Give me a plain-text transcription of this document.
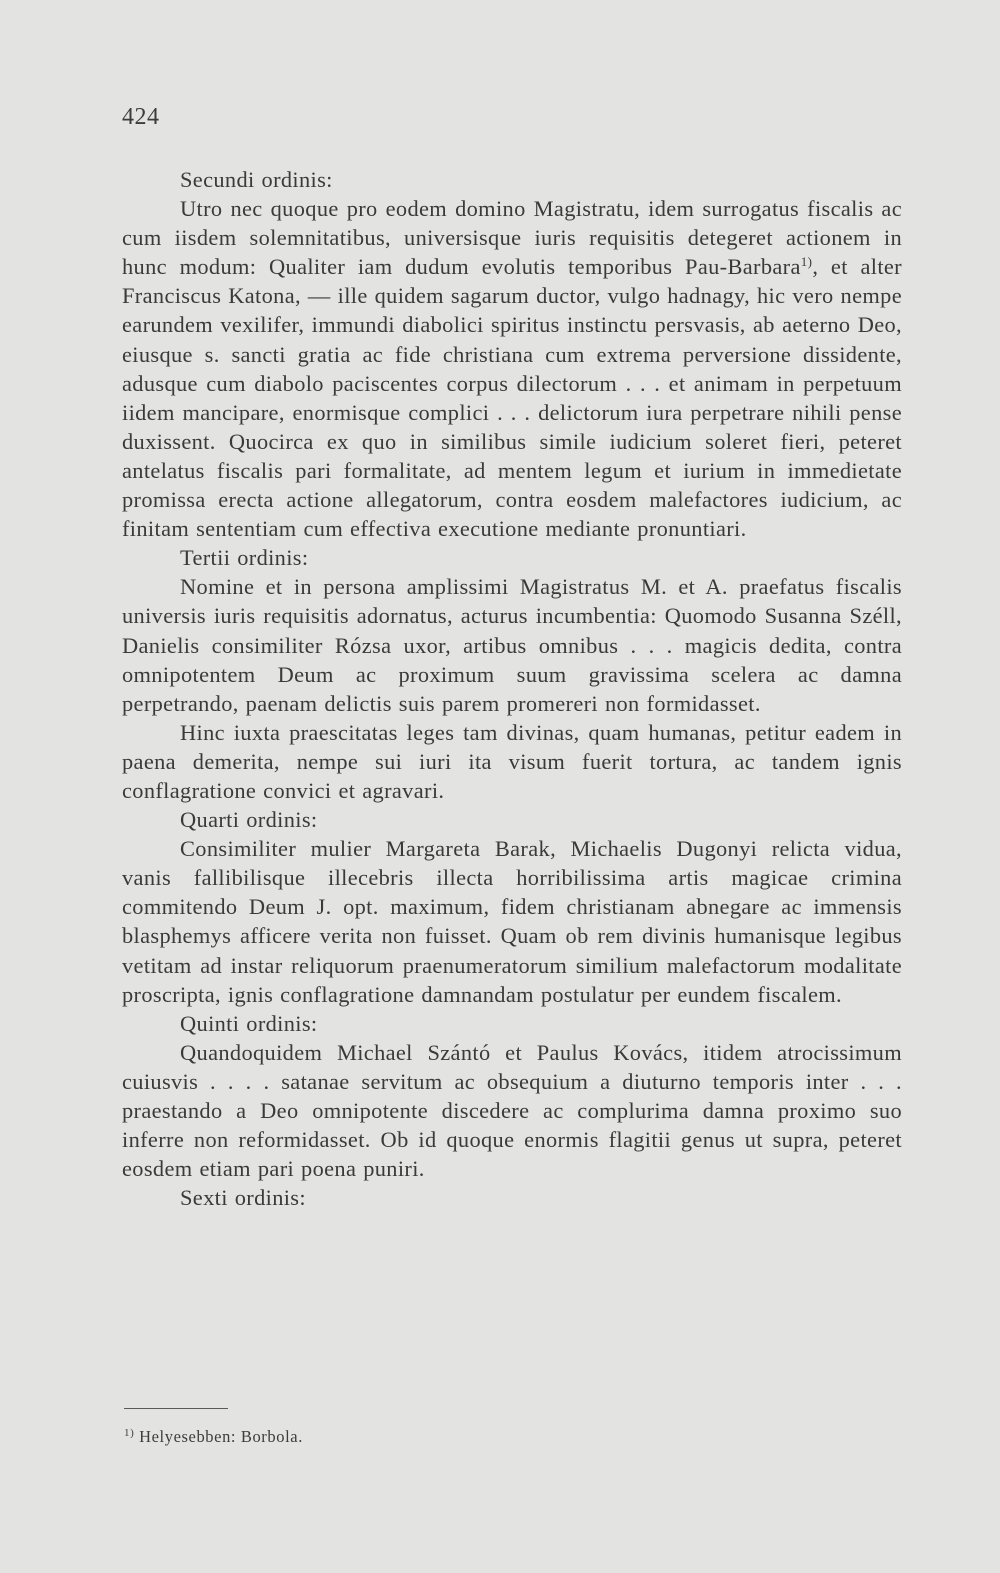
424

Secundi ordinis:

Utro nec quoque pro eodem domino Magistratu, idem surrogatus fiscalis ac cum iisdem solemnitatibus, universisque iuris requisitis detegeret actionem in hunc modum: Qualiter iam dudum evolutis temporibus Pau-Barbara$^{1)}$, et alter Franciscus Katona, — ille quidem sagarum ductor, vulgo hadnagy, hic vero nempe earundem vexilifer, immundi diabolici spiritus instinctu persvasis, ab aeterno Deo, eiusque s. sancti gratia ac fide christiana cum extrema perversione dissidente, adusque cum diabolo paciscentes corpus dilectorum . . . et animam in perpetuum iidem mancipare, enormisque complici . . . delictorum iura perpetrare nihili pense duxissent. Quocirca ex quo in similibus simile iudicium soleret fieri, peteret antelatus fiscalis pari formalitate, ad mentem legum et iurium in immedietate promissa erecta actione allegatorum, contra eosdem malefactores iudicium, ac finitam sententiam cum effectiva executione mediante pronuntiari.

Tertii ordinis:

Nomine et in persona amplissimi Magistratus M. et A. praefatus fiscalis universis iuris requisitis adornatus, acturus incumbentia: Quomodo Susanna Széll, Danielis consimiliter Rózsa uxor, artibus omnibus . . . magicis dedita, contra omnipotentem Deum ac proximum suum gravissima scelera ac damna perpetrando, paenam delictis suis parem promereri non formidasset.

Hinc iuxta praescitatas leges tam divinas, quam humanas, petitur eadem in paena demerita, nempe sui iuri ita visum fuerit tortura, ac tandem ignis conflagratione convici et agravari.

Quarti ordinis:

Consimiliter mulier Margareta Barak, Michaelis Dugonyi relicta vidua, vanis fallibilisque illecebris illecta horribilissima artis magicae crimina commitendo Deum J. opt. maximum, fidem christianam abnegare ac immensis blasphemys afficere verita non fuisset. Quam ob rem divinis humanisque legibus vetitam ad instar reliquorum praenumeratorum similium malefactorum modalitate proscripta, ignis conflagratione damnandam postulatur per eundem fiscalem.

Quinti ordinis:

Quandoquidem Michael Szántó et Paulus Kovács, itidem atrocissimum cuiusvis . . . . satanae servitum ac obsequium a diuturno temporis inter . . . praestando a Deo omnipotente discedere ac complurima damna proximo suo inferre non reformidasset. Ob id quoque enormis flagitii genus ut supra, peteret eosdem etiam pari poena puniri.

Sexti ordinis:

$^{1)}$ Helyesebben: Borbola.
